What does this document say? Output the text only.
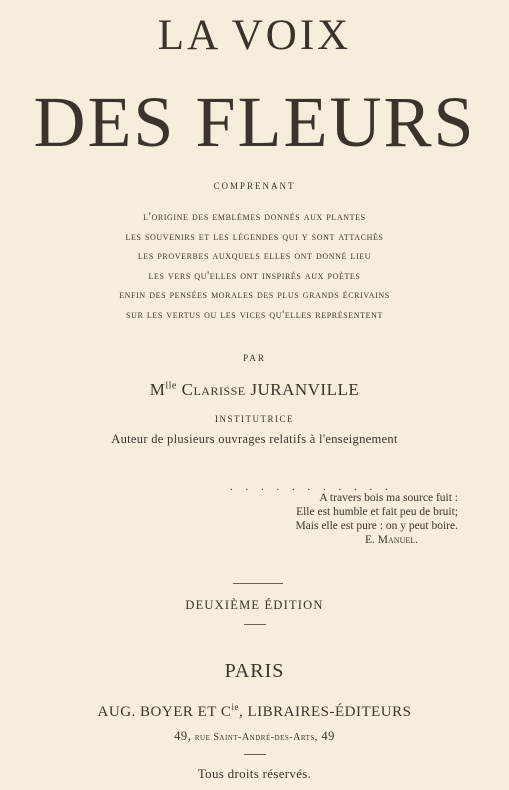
LA VOIX
DES FLEURS
COMPRENANT
l'origine des emblèmes donnés aux plantes
les souvenirs et les légendes qui y sont attachés
les proverbes auxquels elles ont donné lieu
les vers qu'elles ont inspirés aux poètes
enfin des pensées morales des plus grands écrivains
sur les vertus ou les vices qu'elles représentent
PAR
$M^{lle}$ Clarisse JURANVILLE
INSTITUTRICE
Auteur de plusieurs ouvrages relatifs à l'enseignement
. . . . . . . . . . .
A travers bois ma source fuit :
Elle est humble et fait peu de bruit;
Mais elle est pure : on y peut boire.
E. Manuel.
DEUXIÈME ÉDITION
PARIS
AUG. BOYER ET $C^{ie}$, LIBRAIRES-ÉDITEURS
49, rue Saint-André-des-Arts, 49
Tous droits réservés.
